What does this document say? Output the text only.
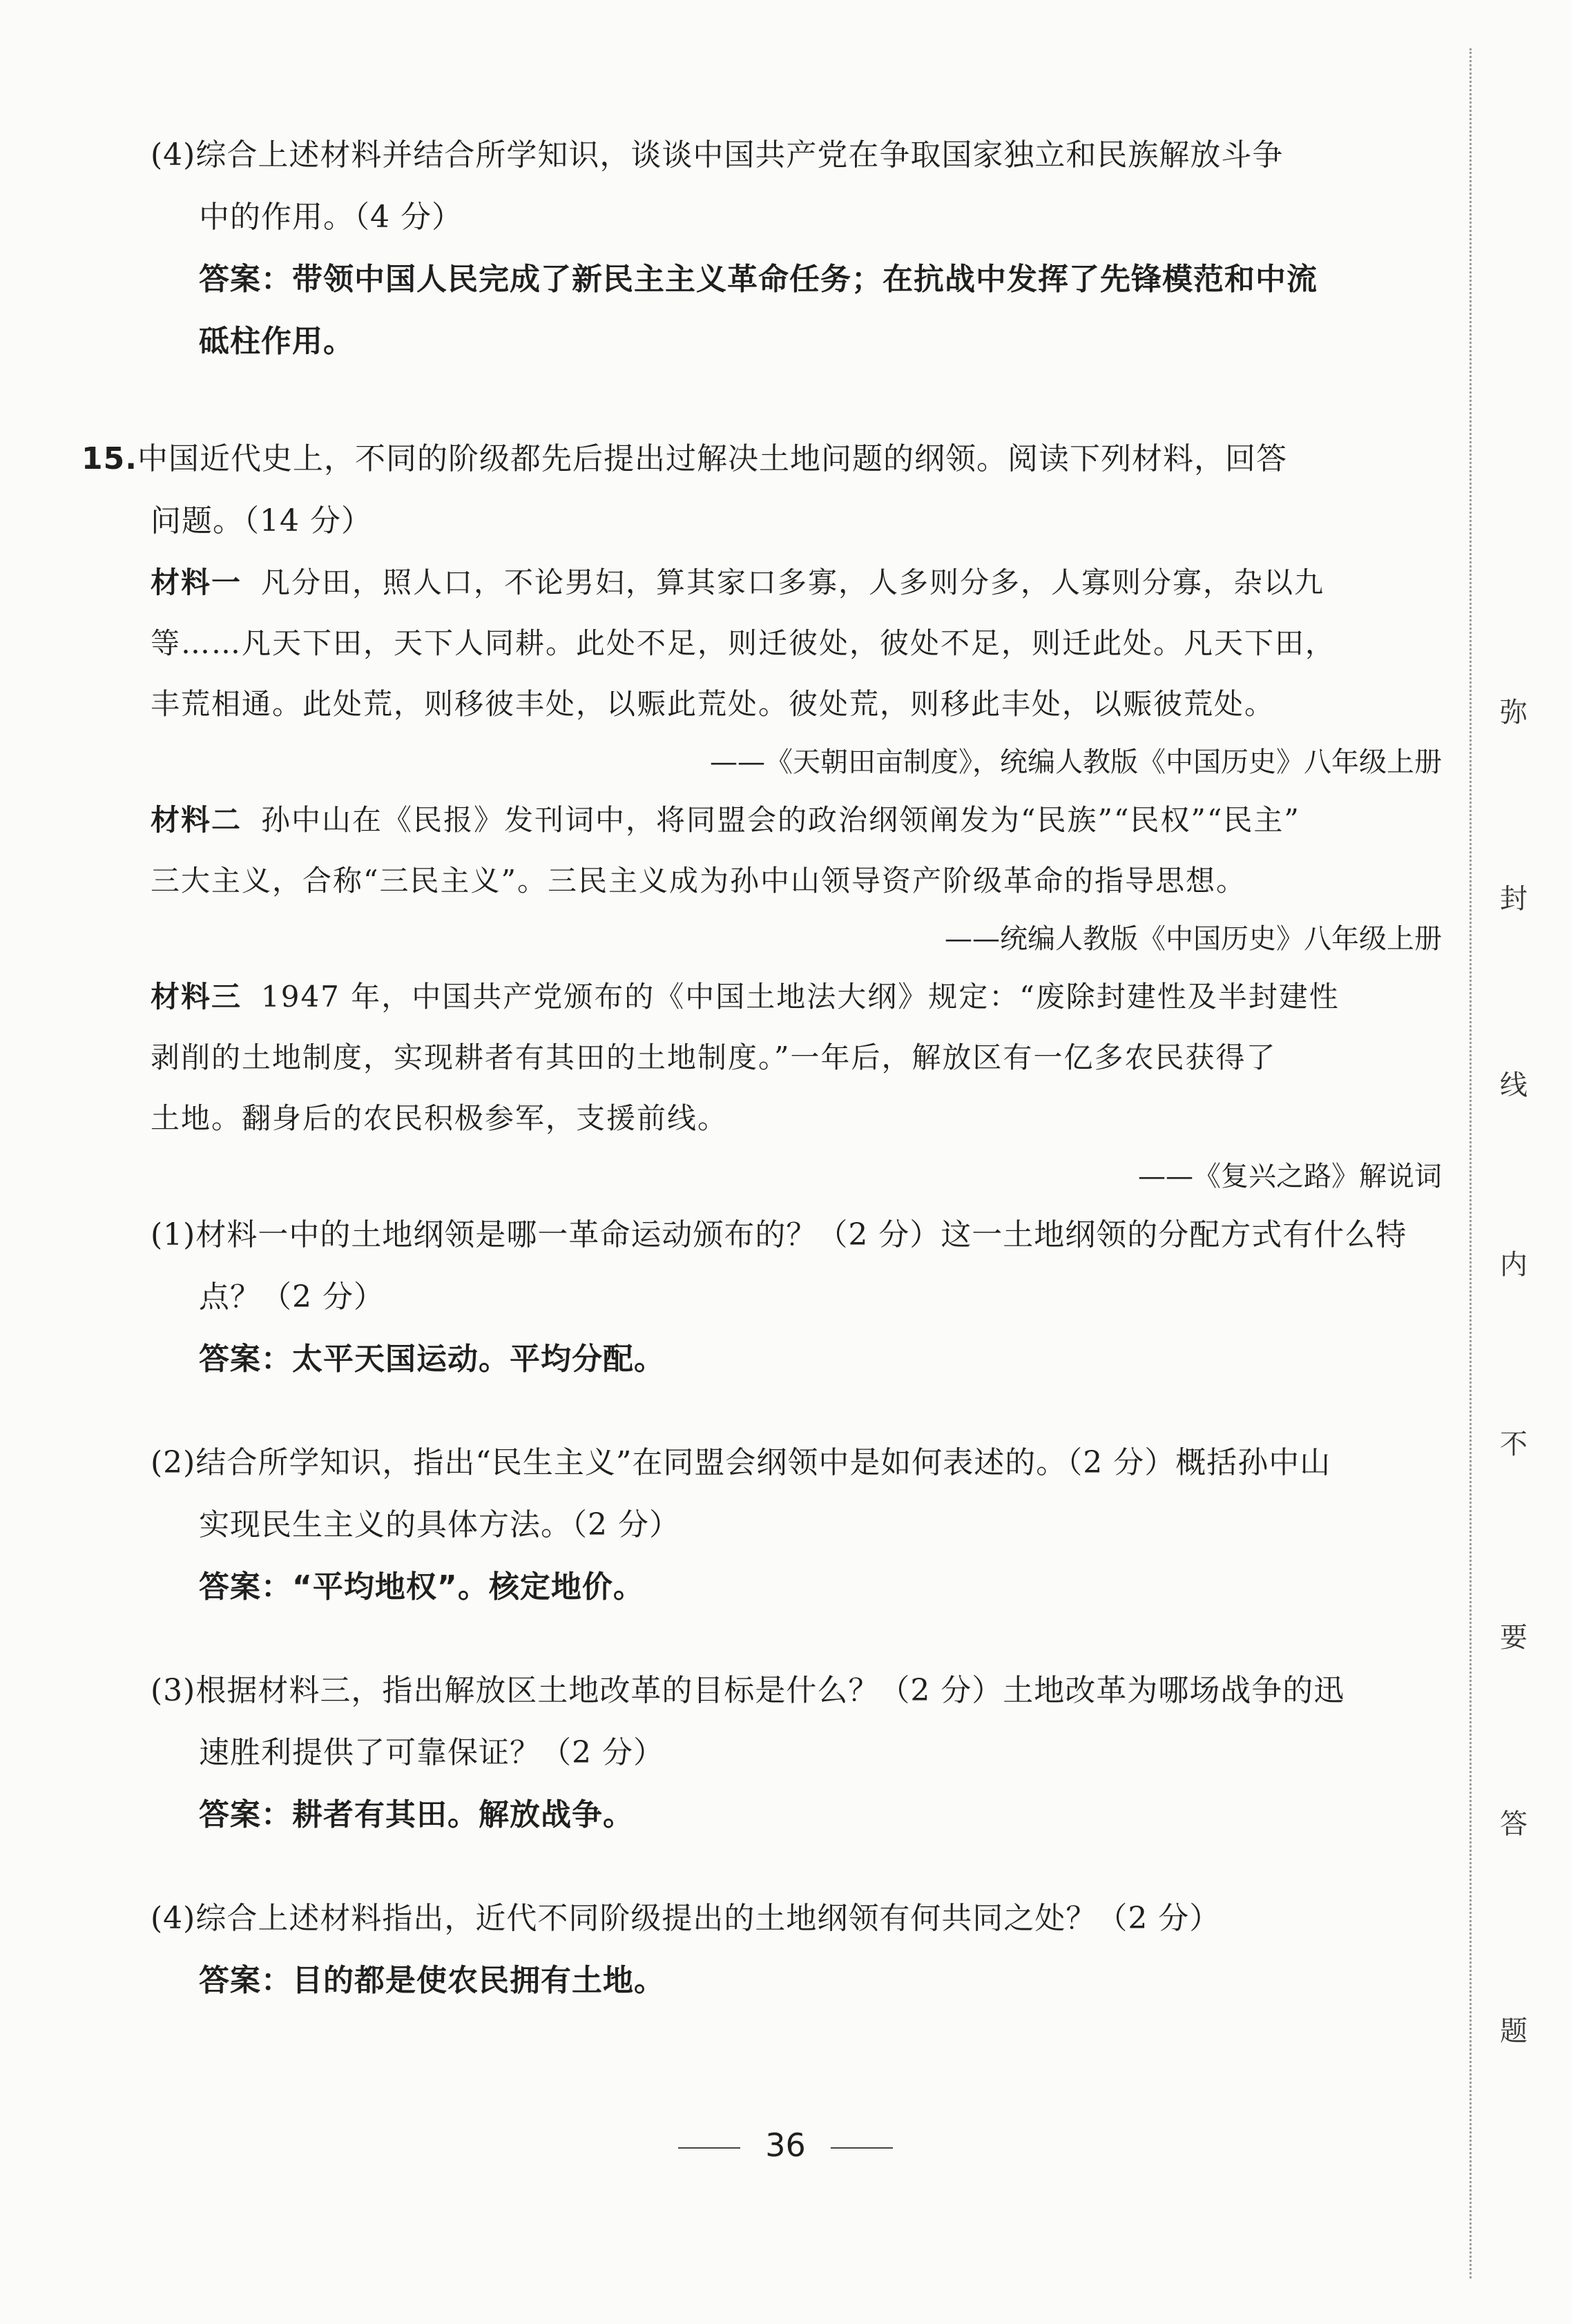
弥
封
线
内
不
要
答
题
(4)综合上述材料并结合所学知识，谈谈中国共产党在争取国家独立和民族解放斗争
中的作用。（4 分）
答案：带领中国人民完成了新民主主义革命任务；在抗战中发挥了先锋模范和中流
砥柱作用。
15.中国近代史上，不同的阶级都先后提出过解决土地问题的纲领。阅读下列材料，回答
问题。（14 分）
材料一 凡分田，照人口，不论男妇，算其家口多寡，人多则分多，人寡则分寡，杂以九
等……凡天下田，天下人同耕。此处不足，则迁彼处，彼处不足，则迁此处。凡天下田，
丰荒相通。此处荒，则移彼丰处，以赈此荒处。彼处荒，则移此丰处，以赈彼荒处。
——《天朝田亩制度》，统编人教版《中国历史》八年级上册
材料二 孙中山在《民报》发刊词中，将同盟会的政治纲领阐发为“民族”“民权”“民主”
三大主义，合称“三民主义”。三民主义成为孙中山领导资产阶级革命的指导思想。
——统编人教版《中国历史》八年级上册
材料三 1947 年，中国共产党颁布的《中国土地法大纲》规定：“废除封建性及半封建性
剥削的土地制度，实现耕者有其田的土地制度。”一年后，解放区有一亿多农民获得了
土地。翻身后的农民积极参军，支援前线。
——《复兴之路》解说词
(1)材料一中的土地纲领是哪一革命运动颁布的？（2 分）这一土地纲领的分配方式有什么特
点？（2 分）
答案：太平天国运动。平均分配。
(2)结合所学知识，指出“民生主义”在同盟会纲领中是如何表述的。（2 分）概括孙中山
实现民生主义的具体方法。（2 分）
答案：“平均地权”。核定地价。
(3)根据材料三，指出解放区土地改革的目标是什么？（2 分）土地改革为哪场战争的迅
速胜利提供了可靠保证？（2 分）
答案：耕者有其田。解放战争。
(4)综合上述材料指出，近代不同阶级提出的土地纲领有何共同之处？（2 分）
答案：目的都是使农民拥有土地。
36
